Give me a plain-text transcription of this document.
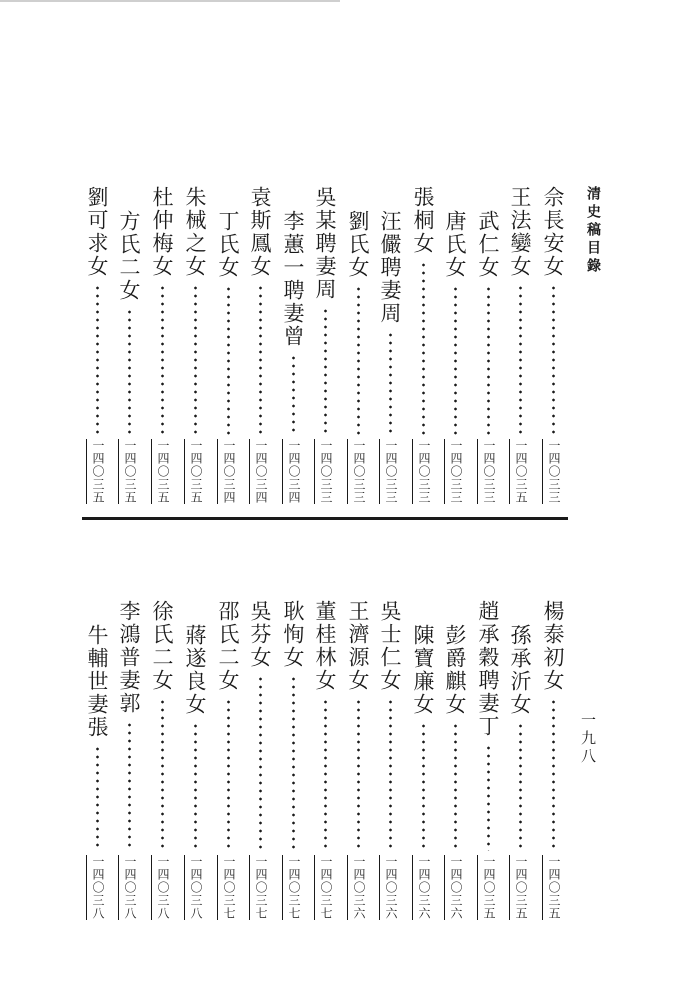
清史稿目錄
一九八
佘長安女
一四〇三三
王法孌女
一四〇三五
武仁女
一四〇三三
唐氏女
一四〇三三
張桐女
一四〇三三
汪儼聘妻周
一四〇三三
劉氏女
一四〇三三
吳某聘妻周
一四〇三三
李蕙一聘妻曾
一四〇三四
袁斯鳳女
一四〇三四
丁氏女
一四〇三四
朱械之女
一四〇三五
杜仲梅女
一四〇三五
方氏二女
一四〇三五
劉可求女
一四〇三五
楊泰初女
一四〇三五
孫承沂女
一四〇三五
趙承穀聘妻丁
一四〇三五
彭爵麒女
一四〇三六
陳寶廉女
一四〇三六
吳士仁女
一四〇三六
王濟源女
一四〇三六
董桂林女
一四〇三七
耿恂女
一四〇三七
吳芬女
一四〇三七
邵氏二女
一四〇三七
蔣遂良女
一四〇三八
徐氏二女
一四〇三八
李鴻普妻郭
一四〇三八
牛輔世妻張
一四〇三八
